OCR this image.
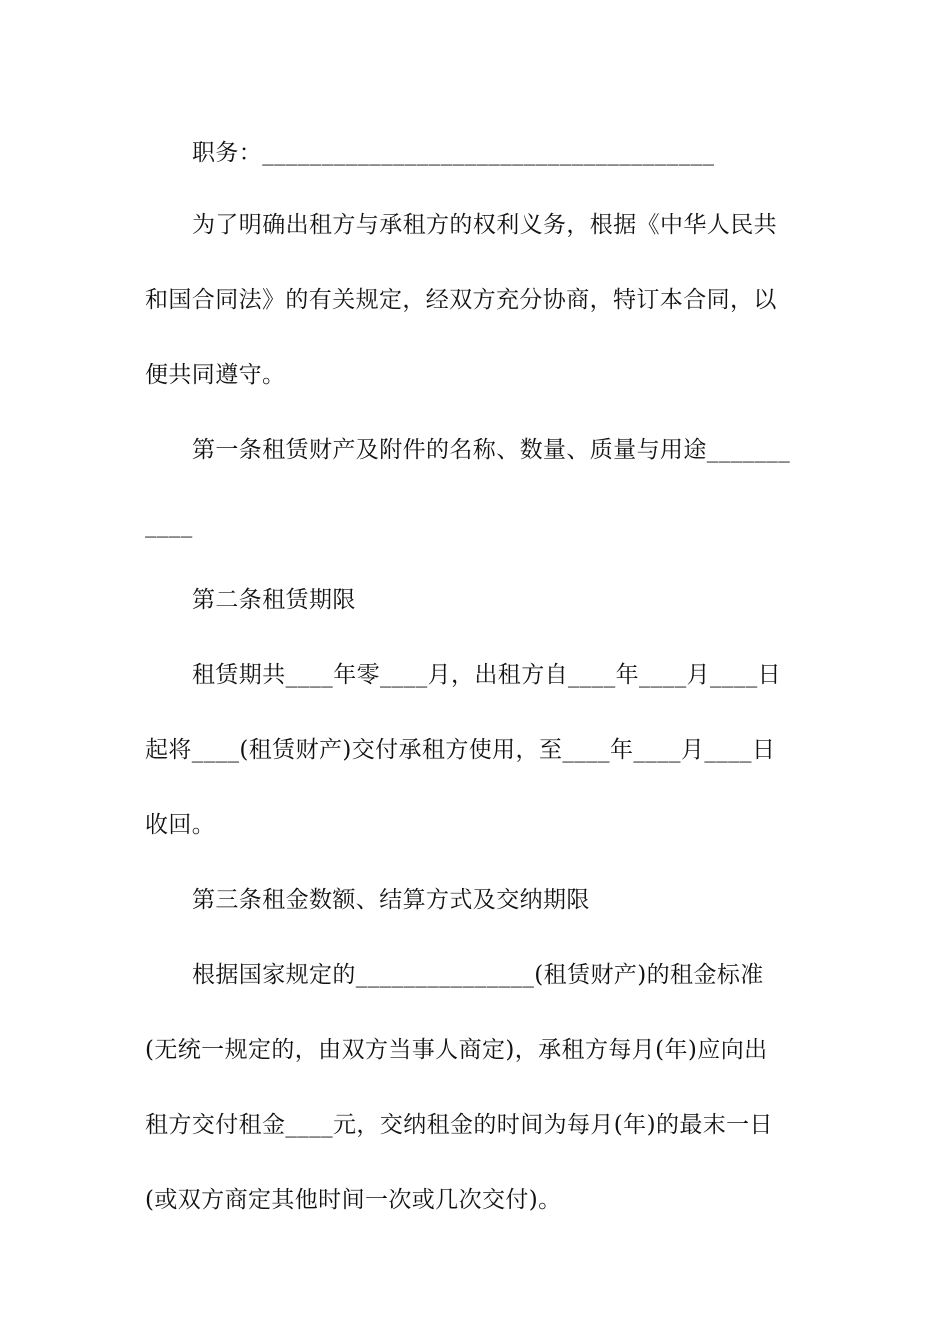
职务：______________________________________
为了明确出租方与承租方的权利义务，根据《中华人民共
和国合同法》的有关规定，经双方充分协商，特订本合同，以
便共同遵守。
第一条租赁财产及附件的名称、数量、质量与用途_______
____
第二条租赁期限
租赁期共____年零____月，出租方自____年____月____日
起将____(租赁财产)交付承租方使用，至____年____月____日
收回。
第三条租金数额、结算方式及交纳期限
根据国家规定的_______________(租赁财产)的租金标准
(无统一规定的，由双方当事人商定)，承租方每月(年)应向出
租方交付租金____元，交纳租金的时间为每月(年)的最末一日
(或双方商定其他时间一次或几次交付)。
